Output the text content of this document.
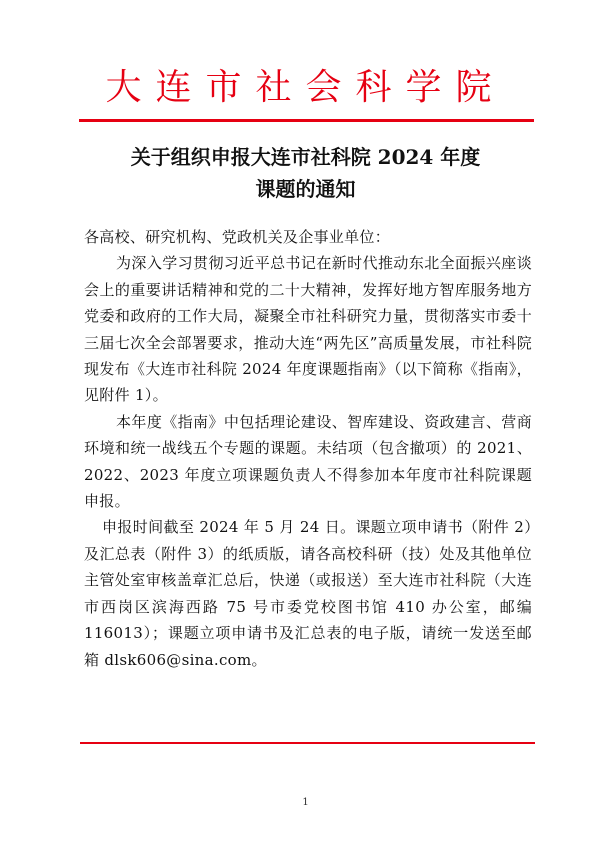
大连市社会科学院
关于组织申报大连市社科院 2024 年度
课题的通知

各高校、研究机构、党政机关及企事业单位：

为深入学习贯彻习近平总书记在新时代推动东北全面振兴座谈会上的重要讲话精神和党的二十大精神，发挥好地方智库服务地方党委和政府的工作大局，凝聚全市社科研究力量，贯彻落实市委十三届七次全会部署要求，推动大连“两先区”高质量发展，市社科院现发布《大连市社科院 2024 年度课题指南》（以下简称《指南》，见附件 1）。

本年度《指南》中包括理论建设、智库建设、资政建言、营商环境和统一战线五个专题的课题。未结项（包含撤项）的 2021、2022、2023 年度立项课题负责人不得参加本年度市社科院课题申报。

申报时间截至 2024 年 5 月 24 日。课题立项申请书（附件 2）及汇总表（附件 3）的纸质版，请各高校科研（技）处及其他单位主管处室审核盖章汇总后，快递（或报送）至大连市社科院（大连市西岗区滨海西路 75 号市委党校图书馆 410 办公室，邮编 116013）；课题立项申请书及汇总表的电子版，请统一发送至邮箱 dlsk606@sina.com。

1
